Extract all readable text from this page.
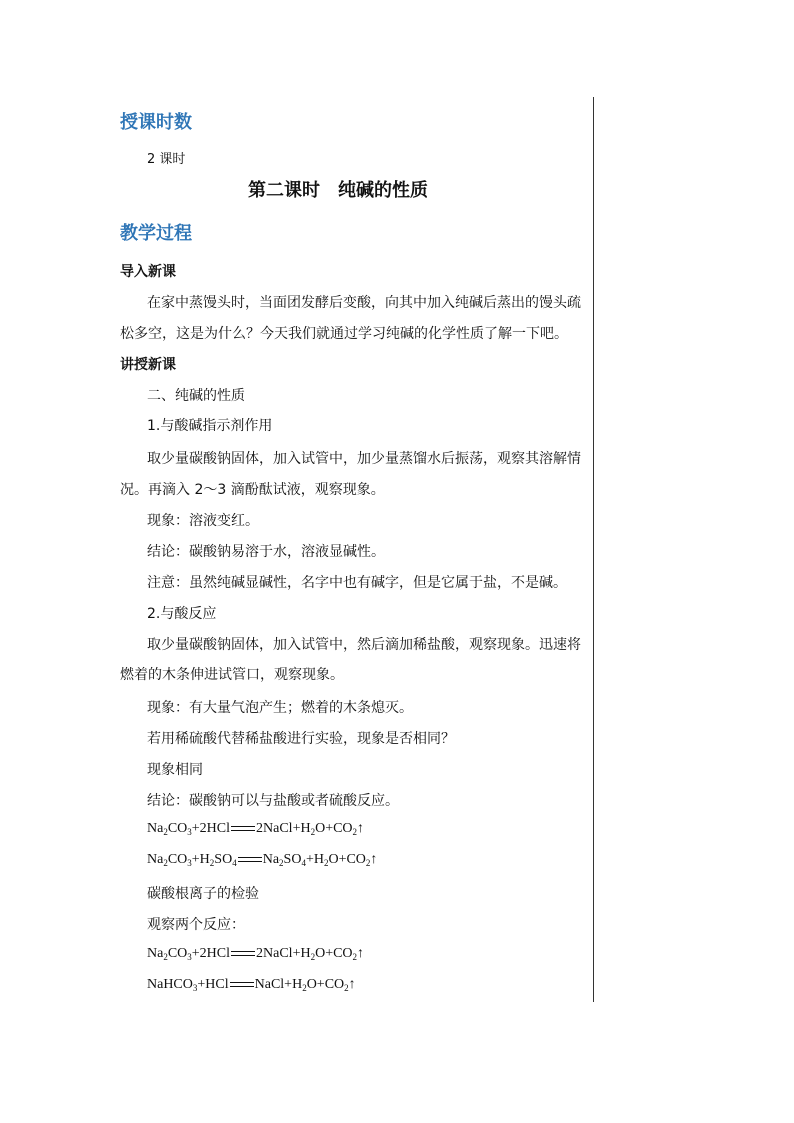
授课时数
2 课时
第二课时　纯碱的性质
教学过程
导入新课
在家中蒸馒头时，当面团发酵后变酸，向其中加入纯碱后蒸出的馒头疏
松多空，这是为什么？今天我们就通过学习纯碱的化学性质了解一下吧。
讲授新课
二、纯碱的性质
1.与酸碱指示剂作用
取少量碳酸钠固体，加入试管中，加少量蒸馏水后振荡，观察其溶解情
况。再滴入 2～3 滴酚酞试液，观察现象。
现象：溶液变红。
结论：碳酸钠易溶于水，溶液显碱性。
注意：虽然纯碱显碱性，名字中也有碱字，但是它属于盐，不是碱。
2.与酸反应
取少量碳酸钠固体，加入试管中，然后滴加稀盐酸，观察现象。迅速将
燃着的木条伸进试管口，观察现象。
现象：有大量气泡产生；燃着的木条熄灭。
若用稀硫酸代替稀盐酸进行实验，现象是否相同？
现象相同
结论：碳酸钠可以与盐酸或者硫酸反应。
$Na_2CO_3+2HCl$ $2NaCl+H_2O+CO_2↑$
$Na_2CO_3+H_2SO_4$ $Na_2SO_4+H_2O+CO_2↑$
碳酸根离子的检验
观察两个反应：
$Na_2CO_3+2HCl$ $2NaCl+H_2O+CO_2↑$
NaHCO$_3$+HCl $NaCl+H_2O+CO_2↑$
